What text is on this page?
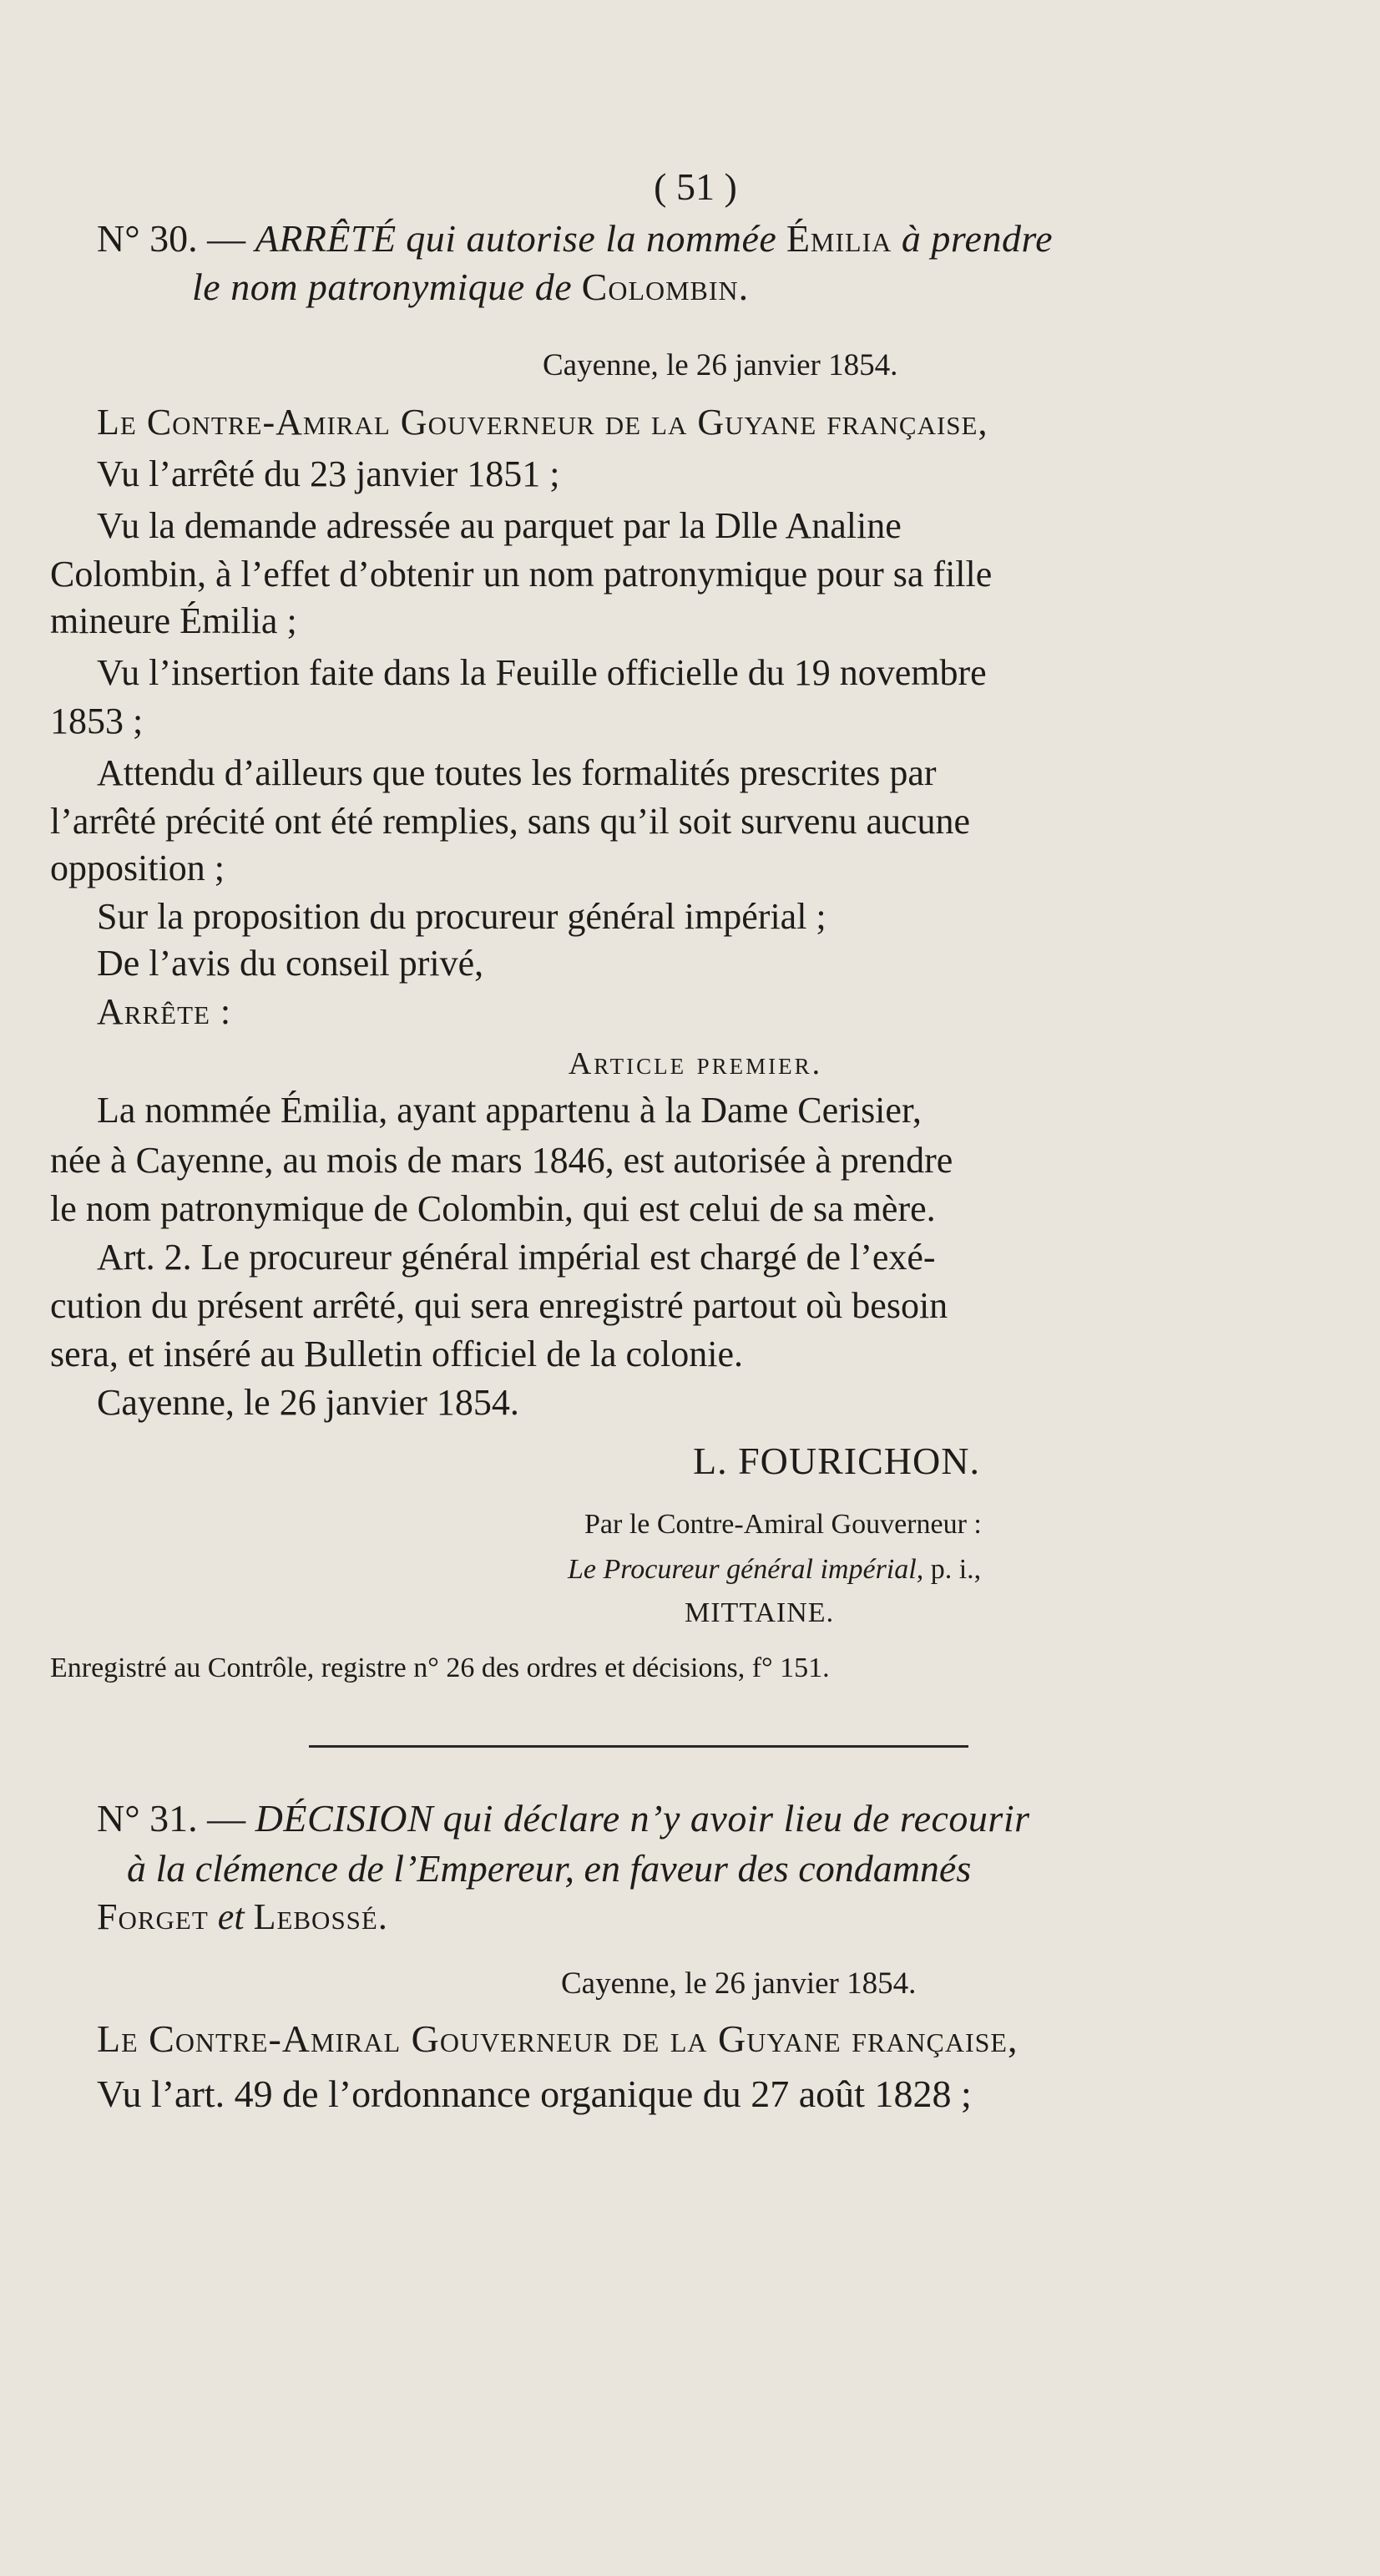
( 51 )
N° 30. — ARRÊTÉ qui autorise la nommée Émilia à prendre
le nom patronymique de Colombin.
Cayenne, le 26 janvier 1854.
Le Contre-Amiral Gouverneur de la Guyane française,
Vu l’arrêté du 23 janvier 1851 ;
Vu la demande adressée au parquet par la Dlle Analine
Colombin, à l’effet d’obtenir un nom patronymique pour sa fille
mineure Émilia ;
Vu l’insertion faite dans la Feuille officielle du 19 novembre
1853 ;
Attendu d’ailleurs que toutes les formalités prescrites par
l’arrêté précité ont été remplies, sans qu’il soit survenu aucune
opposition ;
Sur la proposition du procureur général impérial ;
De l’avis du conseil privé,
Arrête :
Article premier.
La nommée Émilia, ayant appartenu à la Dame Cerisier,
née à Cayenne, au mois de mars 1846, est autorisée à prendre
le nom patronymique de Colombin, qui est celui de sa mère.
Art. 2. Le procureur général impérial est chargé de l’exé-
cution du présent arrêté, qui sera enregistré partout où besoin
sera, et inséré au Bulletin officiel de la colonie.
Cayenne, le 26 janvier 1854.
L. FOURICHON.
Par le Contre-Amiral Gouverneur :
Le Procureur général impérial, p. i.,
MITTAINE.
Enregistré au Contrôle, registre n° 26 des ordres et décisions, f° 151.
N° 31. — DÉCISION qui déclare n’y avoir lieu de recourir
à la clémence de l’Empereur, en faveur des condamnés
Forget et Lebossé.
Cayenne, le 26 janvier 1854.
Le Contre-Amiral Gouverneur de la Guyane française,
Vu l’art. 49 de l’ordonnance organique du 27 août 1828 ;
